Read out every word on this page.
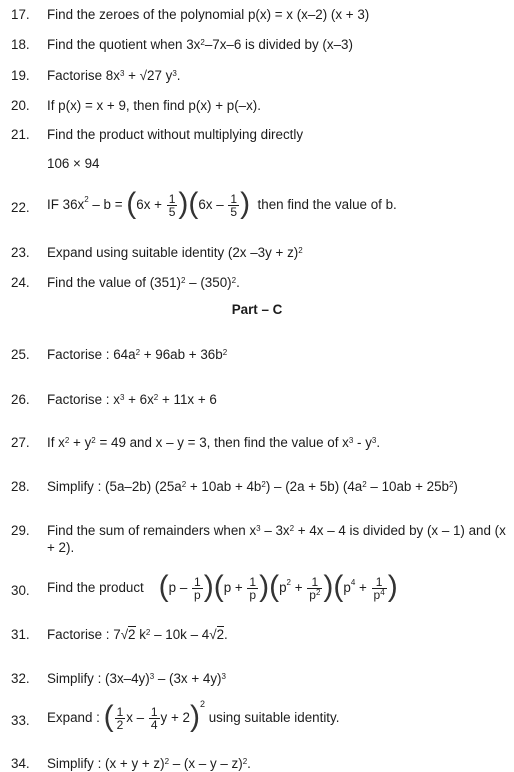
17. Find the zeroes of the polynomial p(x) = x (x‒2) (x + 3)
18. Find the quotient when $3x^2‒7x‒6$ is divided by (x‒3)
19. Factorise $8x^3 + √27$ $y^3$.
20. If p(x) = x + 9, then find p(x) + p(‒x).
21. Find the product without multiplying directly
106 × 94
22. IF $36x^2 - b = (6x + \frac{1}{5} )(6x - \frac{1}{5}$ ) then find the value of b.
23. Expand using suitable identity (2x ‒3y + z)$^2$
24. Find the value of $(351)^2 - (350)^2$.
Part – C
25. Factorise : $64a^2 + 96ab + 36b^2$
26. Factorise : $x^3 + 6x^2 + 11x + 6$
27. If $x^2 + y^2 = 49$ and x – y = 3, then find the value of $x^3 - y^3$.
28. Simplify : (5a‒2b) $(25a^2 + 10ab + 4b^2) - (2a + 5b)$ $(4a^2 - 10ab + 25b^2)$
29. Find the sum of remainders when $x^3 - 3x^2 + 4x - 4$ is divided by (x – 1) and (x + 2).
30. Find the product $(p - \frac{1}{p} )(p + \frac{1}{p} )(p^2 + \frac{1}{p^2} )(p^4 + \frac{1}{p^4}$ )
31. Factorise : 7√2 $k^2 - 10k - 4√2$.
32. Simplify : (3x‒4y)$^3$ – $(3x + 4y)^3$
33. Expand : ( $\frac{1}{2}$ x – $\frac{1}{4}$ y + 2)$^2$ using suitable identity.
34. Simplify : $(x + y + z)^2 - (x - y - z)^2$.
